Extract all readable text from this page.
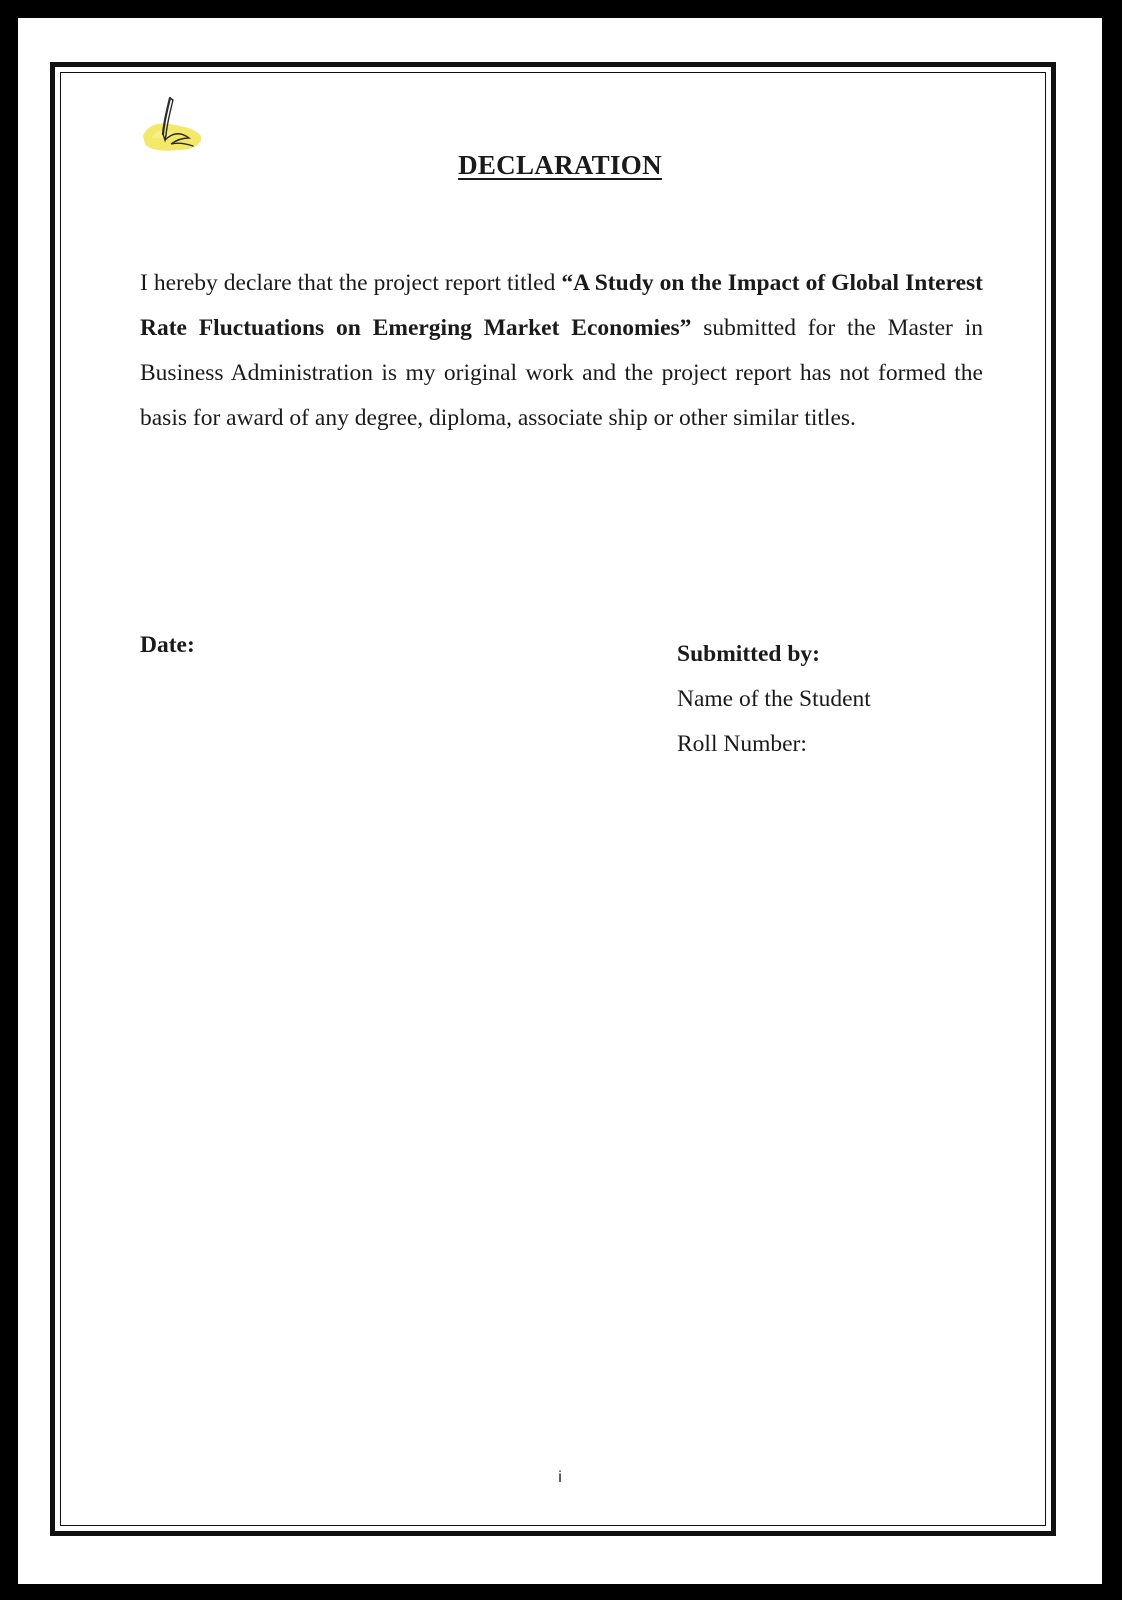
DECLARATION

I hereby declare that the project report titled “A Study on the Impact of Global Interest Rate Fluctuations on Emerging Market Economies” submitted for the Master in Business Administration is my original work and the project report has not formed the basis for award of any degree, diploma, associate ship or other similar titles.

Date:	Submitted by:
Name of the Student
Roll Number:
i
